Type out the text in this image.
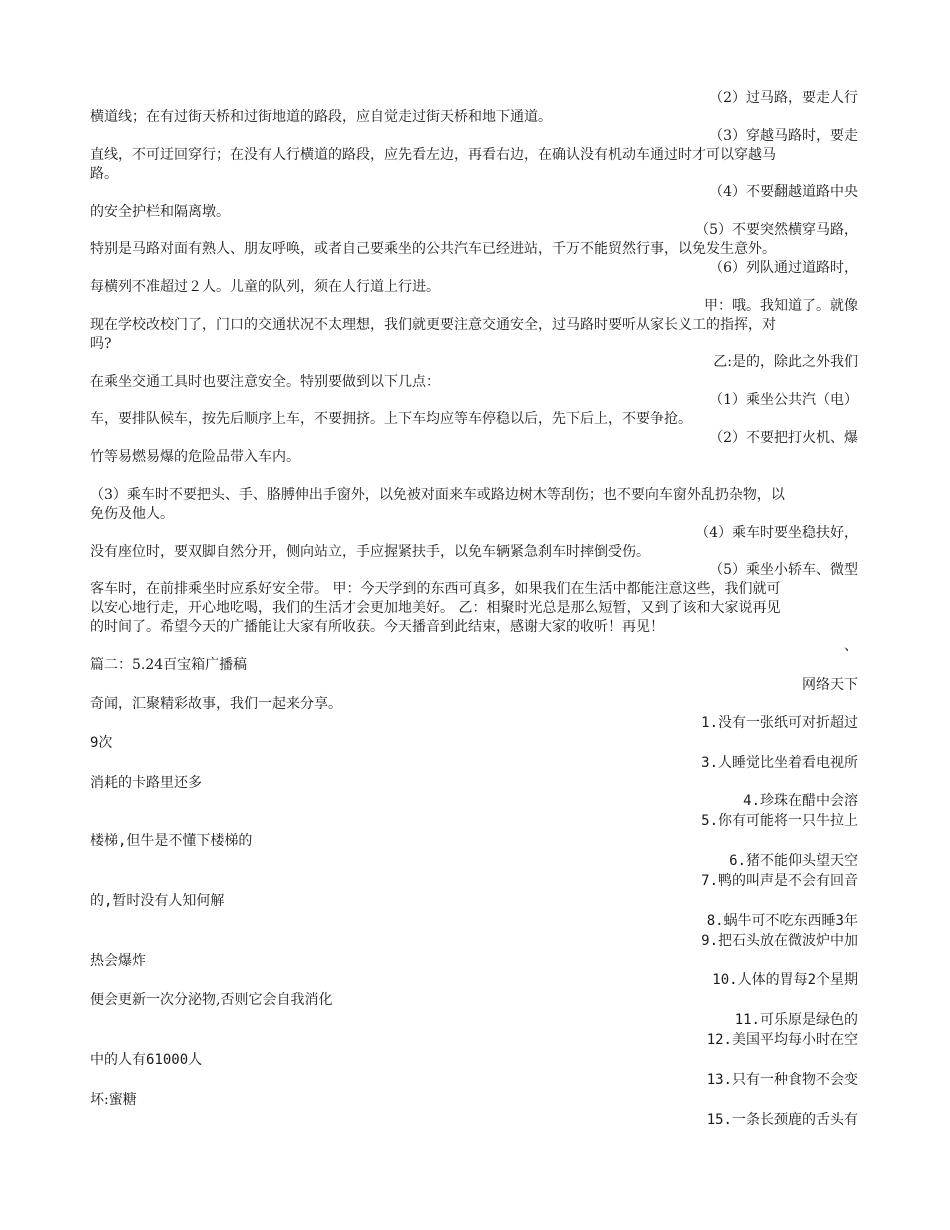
（2）过马路，要走人行
横道线；在有过街天桥和过街地道的路段，应自觉走过街天桥和地下通道。
（3）穿越马路时，要走
直线，不可迂回穿行；在没有人行横道的路段，应先看左边，再看右边，在确认没有机动车通过时才可以穿越马
路。
（4）不要翻越道路中央
的安全护栏和隔离墩。
（5）不要突然横穿马路，
特别是马路对面有熟人、朋友呼唤，或者自己要乘坐的公共汽车已经进站，千万不能贸然行事，以免发生意外。
（6）列队通过道路时，
每横列不准超过２人。儿童的队列，须在人行道上行进。
甲：哦。我知道了。就像
现在学校改校门了，门口的交通状况不太理想，我们就更要注意交通安全，过马路时要听从家长义工的指挥，对
吗?
乙:是的，除此之外我们
在乘坐交通工具时也要注意安全。特别要做到以下几点：
（1）乘坐公共汽（电）
车，要排队候车，按先后顺序上车，不要拥挤。上下车均应等车停稳以后，先下后上，不要争抢。
（2）不要把打火机、爆
竹等易燃易爆的危险品带入车内。
（3）乘车时不要把头、手、胳膊伸出手窗外，以免被对面来车或路边树木等刮伤；也不要向车窗外乱扔杂物，以
免伤及他人。
（4）乘车时要坐稳扶好，
没有座位时，要双脚自然分开，侧向站立，手应握紧扶手，以免车辆紧急刹车时摔倒受伤。
（5）乘坐小轿车、微型
客车时，在前排乘坐时应系好安全带。 甲：今天学到的东西可真多，如果我们在生活中都能注意这些，我们就可
以安心地行走，开心地吃喝，我们的生活才会更加地美好。 乙：相聚时光总是那么短暂，又到了该和大家说再见
的时间了。希望今天的广播能让大家有所收获。今天播音到此结束，感谢大家的收听！再见！
、
篇二：5.24百宝箱广播稿
网络天下
奇闻，汇聚精彩故事，我们一起来分享。
1.没有一张纸可对折超过
9次
3.人睡觉比坐着看电视所
消耗的卡路里还多
4.珍珠在醋中会溶
5.你有可能将一只牛拉上
楼梯,但牛是不懂下楼梯的
6.猪不能仰头望天空
7.鸭的叫声是不会有回音
的,暂时没有人知何解
8.蜗牛可不吃东西睡3年
9.把石头放在微波炉中加
热会爆炸
10.人体的胃每2个星期
便会更新一次分泌物,否则它会自我消化
11.可乐原是绿色的
12.美国平均每小时在空
中的人有61000人
13.只有一种食物不会变
坏:蜜糖
15.一条长颈鹿的舌头有
